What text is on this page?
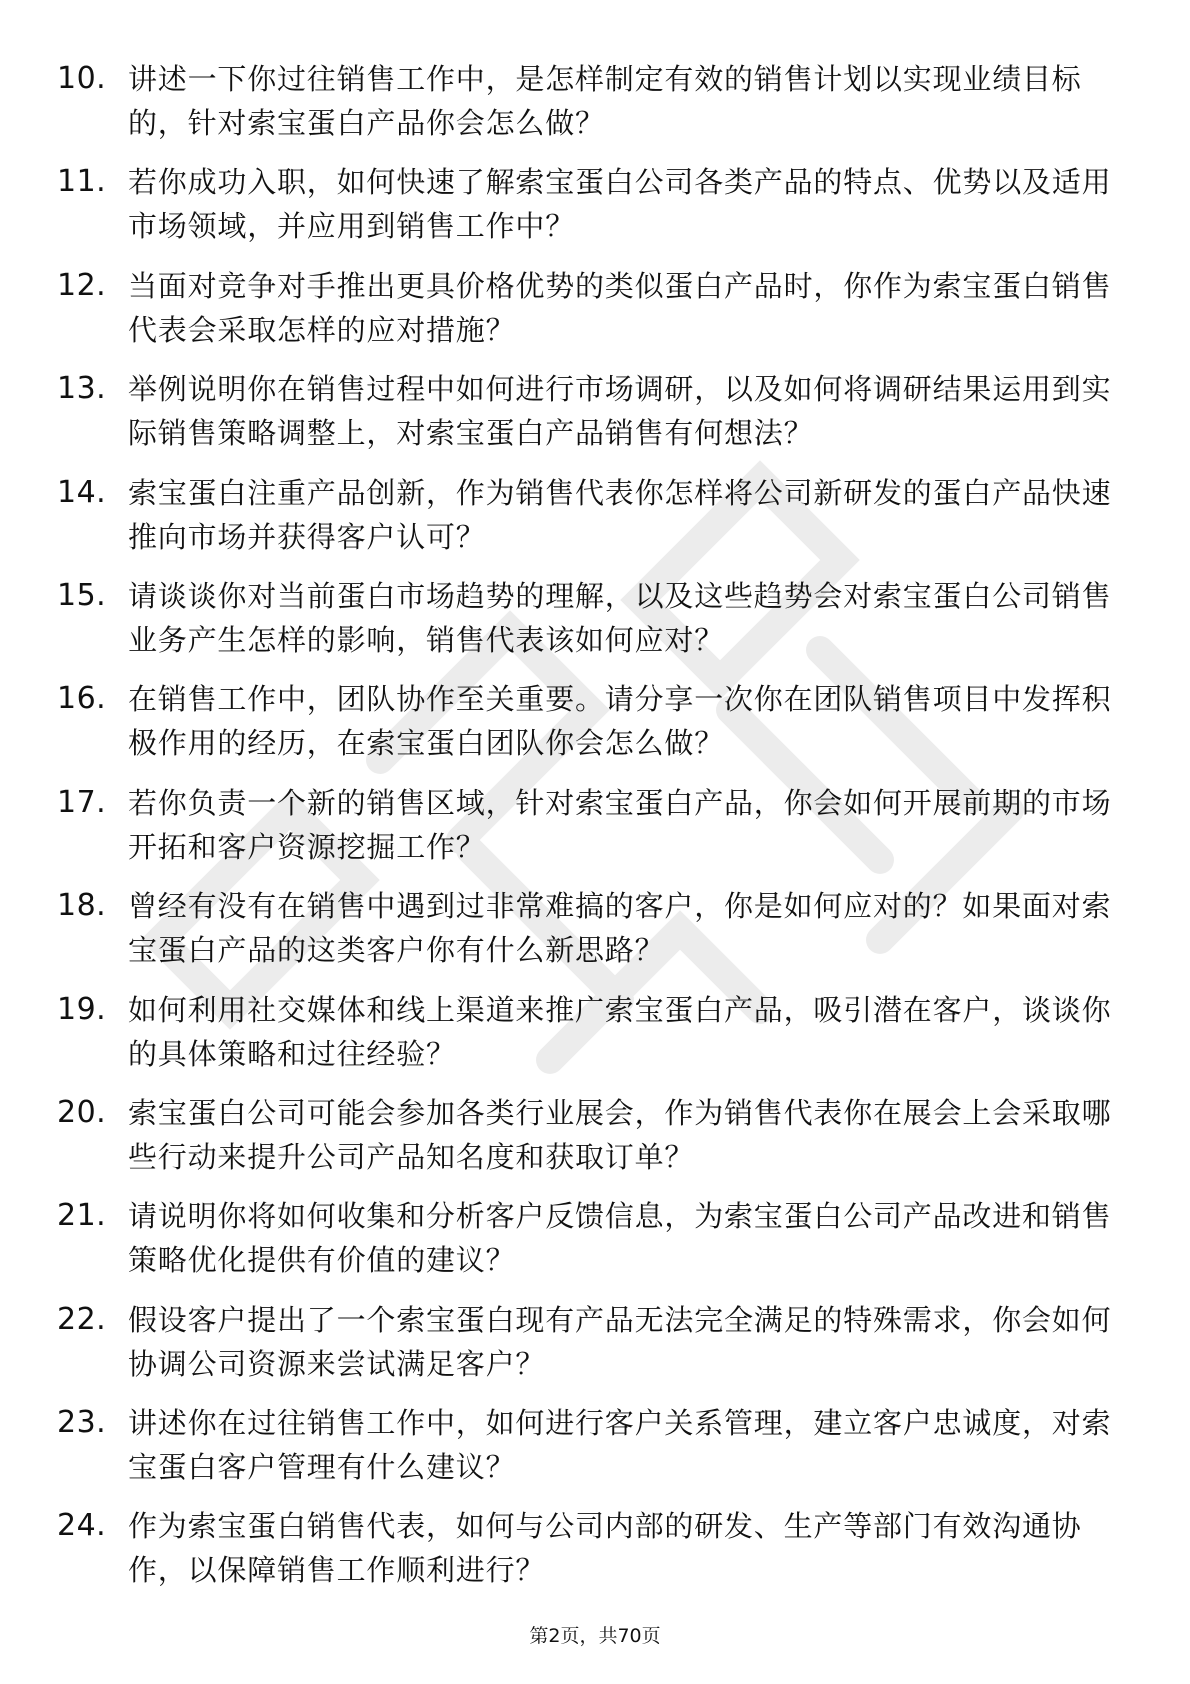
10. 讲述一下你过往销售工作中，是怎样制定有效的销售计划以实现业绩目标的，针对索宝蛋白产品你会怎么做？
11. 若你成功入职，如何快速了解索宝蛋白公司各类产品的特点、优势以及适用市场领域，并应用到销售工作中？
12. 当面对竞争对手推出更具价格优势的类似蛋白产品时，你作为索宝蛋白销售代表会采取怎样的应对措施？
13. 举例说明你在销售过程中如何进行市场调研，以及如何将调研结果运用到实际销售策略调整上，对索宝蛋白产品销售有何想法？
14. 索宝蛋白注重产品创新，作为销售代表你怎样将公司新研发的蛋白产品快速推向市场并获得客户认可？
15. 请谈谈你对当前蛋白市场趋势的理解，以及这些趋势会对索宝蛋白公司销售业务产生怎样的影响，销售代表该如何应对？
16. 在销售工作中，团队协作至关重要。请分享一次你在团队销售项目中发挥积极作用的经历，在索宝蛋白团队你会怎么做？
17. 若你负责一个新的销售区域，针对索宝蛋白产品，你会如何开展前期的市场开拓和客户资源挖掘工作？
18. 曾经有没有在销售中遇到过非常难搞的客户，你是如何应对的？如果面对索宝蛋白产品的这类客户你有什么新思路？
19. 如何利用社交媒体和线上渠道来推广索宝蛋白产品，吸引潜在客户，谈谈你的具体策略和过往经验？
20. 索宝蛋白公司可能会参加各类行业展会，作为销售代表你在展会上会采取哪些行动来提升公司产品知名度和获取订单？
21. 请说明你将如何收集和分析客户反馈信息，为索宝蛋白公司产品改进和销售策略优化提供有价值的建议？
22. 假设客户提出了一个索宝蛋白现有产品无法完全满足的特殊需求，你会如何协调公司资源来尝试满足客户？
23. 讲述你在过往销售工作中，如何进行客户关系管理，建立客户忠诚度，对索宝蛋白客户管理有什么建议？
24. 作为索宝蛋白销售代表，如何与公司内部的研发、生产等部门有效沟通协作，以保障销售工作顺利进行？
第2页，共70页
